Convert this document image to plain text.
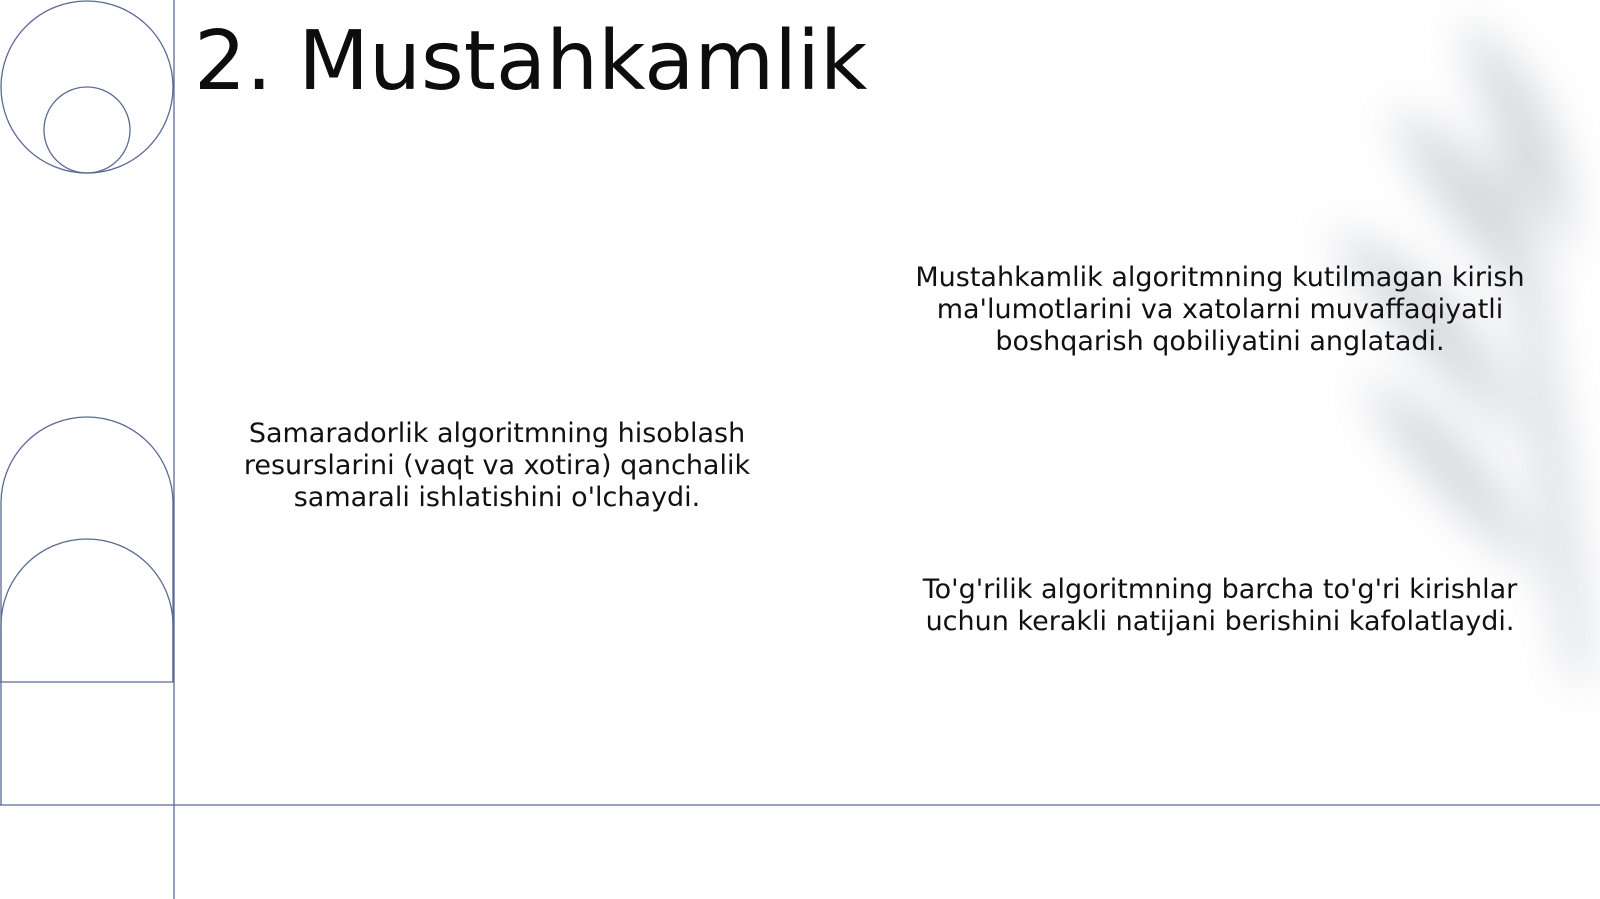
2. Mustahkamlik

Samaradorlik algoritmning hisoblash resurslarini (vaqt va xotira) qanchalik samarali ishlatishini o'lchaydi.

Mustahkamlik algoritmning kutilmagan kirish ma'lumotlarini va xatolarni muvaffaqiyatli boshqarish qobiliyatini anglatadi.

To'g'rilik algoritmning barcha to'g'ri kirishlar uchun kerakli natijani berishini kafolatlaydi.
